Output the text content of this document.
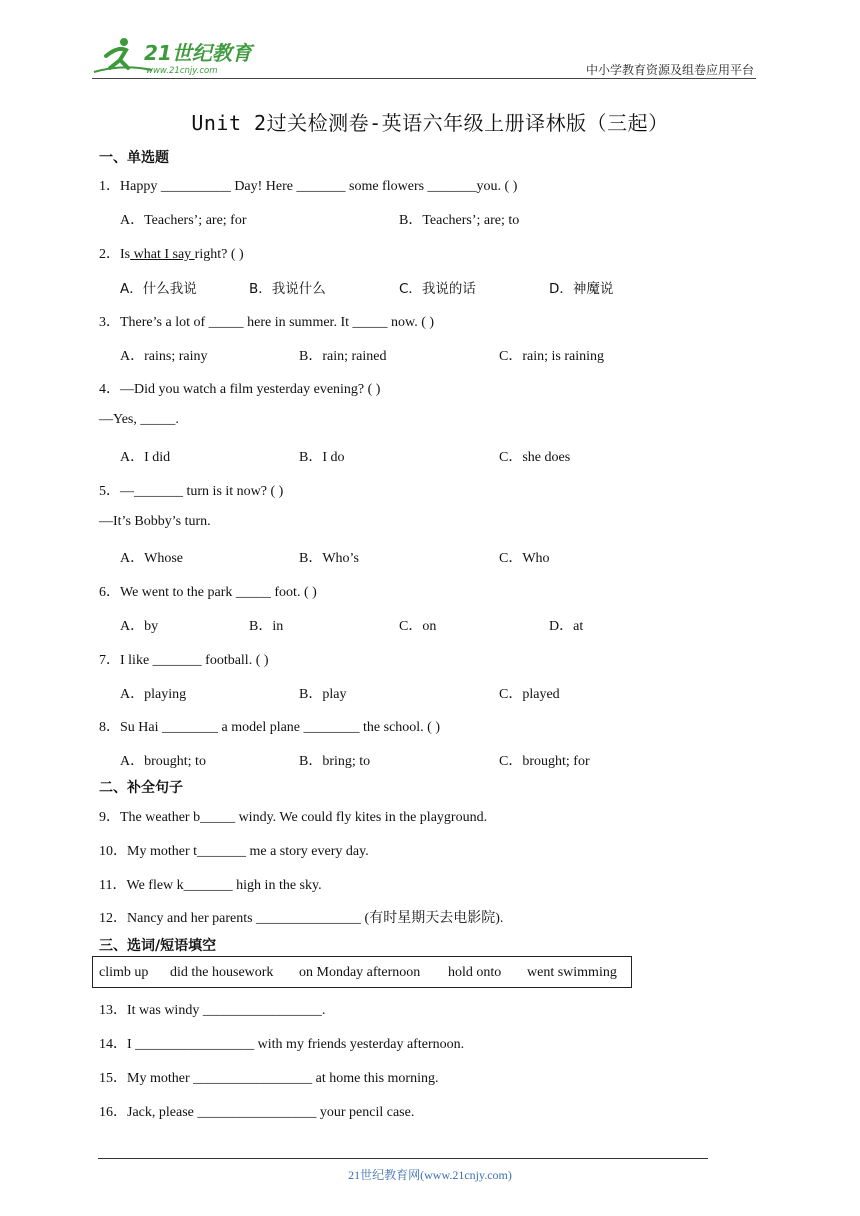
21世纪教育
www.21cnjy.com	中小学教育资源及组卷应用平台
Unit 2过关检测卷-英语六年级上册译林版（三起）
一、单选题
1．Happy __________ Day! Here _______ some flowers _______you. ( )
A．Teachers’; are; for	B．Teachers’; are; to
2．Is what I say right? ( )
A．什么我说	B．我说什么	C．我说的话	D．神魔说
3．There’s a lot of _____ here in summer. It _____ now. ( )
A．rains; rainy	B．rain; rained	C．rain; is raining
4．—Did you watch a film yesterday evening? ( )
—Yes, _____.
A．I did	B．I do	C．she does
5．—_______ turn is it now? ( )
—It’s Bobby’s turn.
A．Whose	B．Who’s	C．Who
6．We went to the park _____ foot. ( )
A．by	B．in	C．on	D．at
7．I like _______ football. ( )
A．playing	B．play	C．played
8．Su Hai ________ a model plane ________ the school. ( )
A．brought; to	B．bring; to	C．brought; for
二、补全句子
9．The weather b_____ windy. We could fly kites in the playground.
10．My mother t_______ me a story every day.
11．We flew k_______ high in the sky.
12．Nancy and her parents _______________ (有时星期天去电影院).
三、选词/短语填空
climb up did the housework on Monday afternoon hold onto went swimming
13．It was windy _________________.
14．I _________________ with my friends yesterday afternoon.
15．My mother _________________ at home this morning.
16．Jack, please _________________ your pencil case.
21世纪教育网(www.21cnjy.com)
